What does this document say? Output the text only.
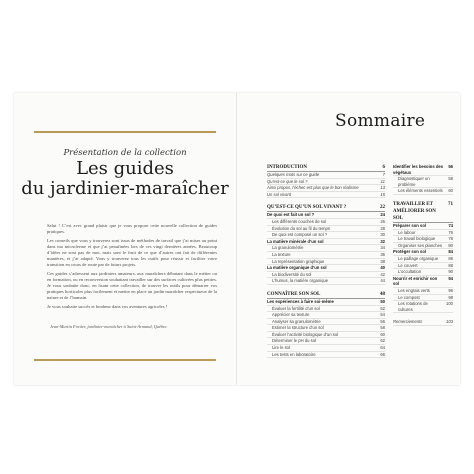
Présentation de la collection
Les guides
du jardinier-maraîcher

Salut ! C’est avec grand plaisir que je vous propose cette nouvelle collection de guides pratiques.

Les conseils que vous y trouverez sont issus de méthodes de travail que j’ai mises au point dans ma microferme et que j’ai peaufinées lors de ces vingt dernières années. Beaucoup d’idées ne sont pas de moi, mais sont le fruit de ce que d’autres ont fait de différentes manières, et j’ai adapté. Vous y trouverez tous les outils pour réussir et faciliter votre transition en cours de route par de futurs projets.

Ces guides s’adressent aux jardiniers amateurs, aux maraîchers débutant dans le métier ou en formation, ou en reconversion souhaitant travailler sur des surfaces cultivées plus petites. Je vous souhaite donc, en lisant cette collection, de trouver les outils pour démarrer vos pratiques horticoles plus facilement et mettre en place un jardin maraîcher respectueux de la nature et de l’humain.

Je vous souhaite succès et bonheur dans vos aventures agricoles !

Jean-Martin Fortier, jardinier-maraîcher à Saint-Armand, Québec
Sommaire
INTRODUCTION	6
Quelques mots sur ce guide	7
Qu’est-ce que le sol ?	11
Ainsi propos, l’échec est plus que le bon réalisme	13
Un sol vivant	15
QU’EST-CE QU’UN SOL VIVANT ?	22
De quoi est fait un sol ?	24
Les différents couches de sol	26
Évolution du sol au fil du temps	28
De quoi est composé un sol ?	30
La matière minérale d’un sol	32
La granulométrie	34
La texture	36
La représentation graphique	38
La matière organique d’un sol	40
La biodiversité du sol	42
L’humus, la matière organique	44
CONNAÎTRE SON SOL	48
Les expériences à faire soi-même	50
Évaluer la fertilité d’un sol	52
Apprécier sa texture	54
Analyser sa granulométrie	56
Estimer la structure d’un sol	58
Évaluer l’activité biologique d’un sol	60
Déterminer le pH du sol	62
Lire le sol	64
Les tests en laboratoire	66
Identifier les besoins des végétaux
56
Diagnostiquer un problème
58
Les éléments essentiels 60
TRAVAILLER ET AMÉLIORER SON SOL
71
Préparer son sol	74
Le labour	76
Le travail biologique	78
Organiser ses planches 80
Protéger son sol	84
Le paillage organique 86
Le couvert	88
L’occultation	90
Nourrir et enrichir son sol
94
Les engrais verts	96
Le compost	98
Les rotations de cultures
100
Remerciements	103
